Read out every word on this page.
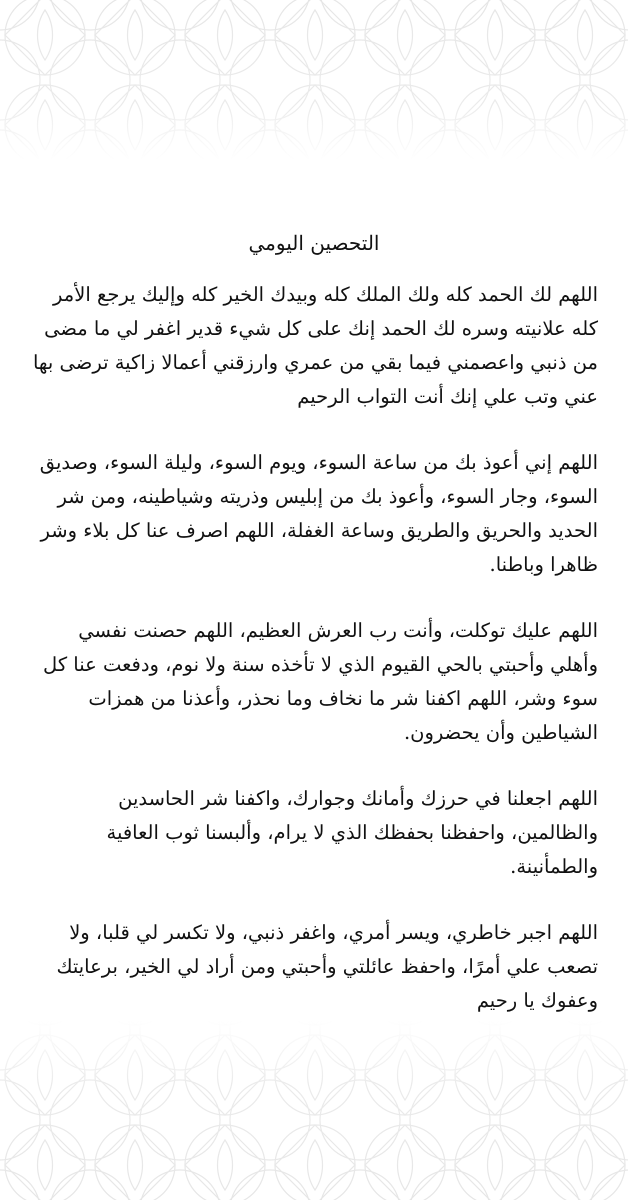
التحصين اليومي

اللهم لك الحمد كله ولك الملك كله وبيدك الخير كله وإليك يرجع الأمر كله علانيته وسره لك الحمد إنك على كل شيء قدير اغفر لي ما مضى من ذنبي واعصمني فيما بقي من عمري وارزقني أعمالا زاكية ترضى بها عني وتب علي إنك أنت التواب الرحيم

اللهم إني أعوذ بك من ساعة السوء، ويوم السوء، وليلة السوء، وصديق السوء، وجار السوء، وأعوذ بك من إبليس وذريته وشياطينه، ومن شر الحديد والحريق والطريق وساعة الغفلة، اللهم اصرف عنا كل بلاء وشر ظاهرا وباطنا.

اللهم عليك توكلت، وأنت رب العرش العظيم، اللهم حصنت نفسي وأهلي وأحبتي بالحي القيوم الذي لا تأخذه سنة ولا نوم، ودفعت عنا كل سوء وشر، اللهم اكفنا شر ما نخاف وما نحذر، وأعذنا من همزات الشياطين وأن يحضرون.

اللهم اجعلنا في حرزك وأمانك وجوارك، واكفنا شر الحاسدين والظالمين، واحفظنا بحفظك الذي لا يرام، وألبسنا ثوب العافية والطمأنينة.

اللهم اجبر خاطري، ويسر أمري، واغفر ذنبي، ولا تكسر لي قلبا، ولا تصعب علي أمرًا، واحفظ عائلتي وأحبتي ومن أراد لي الخير، برعايتك وعفوك يا رحيم
